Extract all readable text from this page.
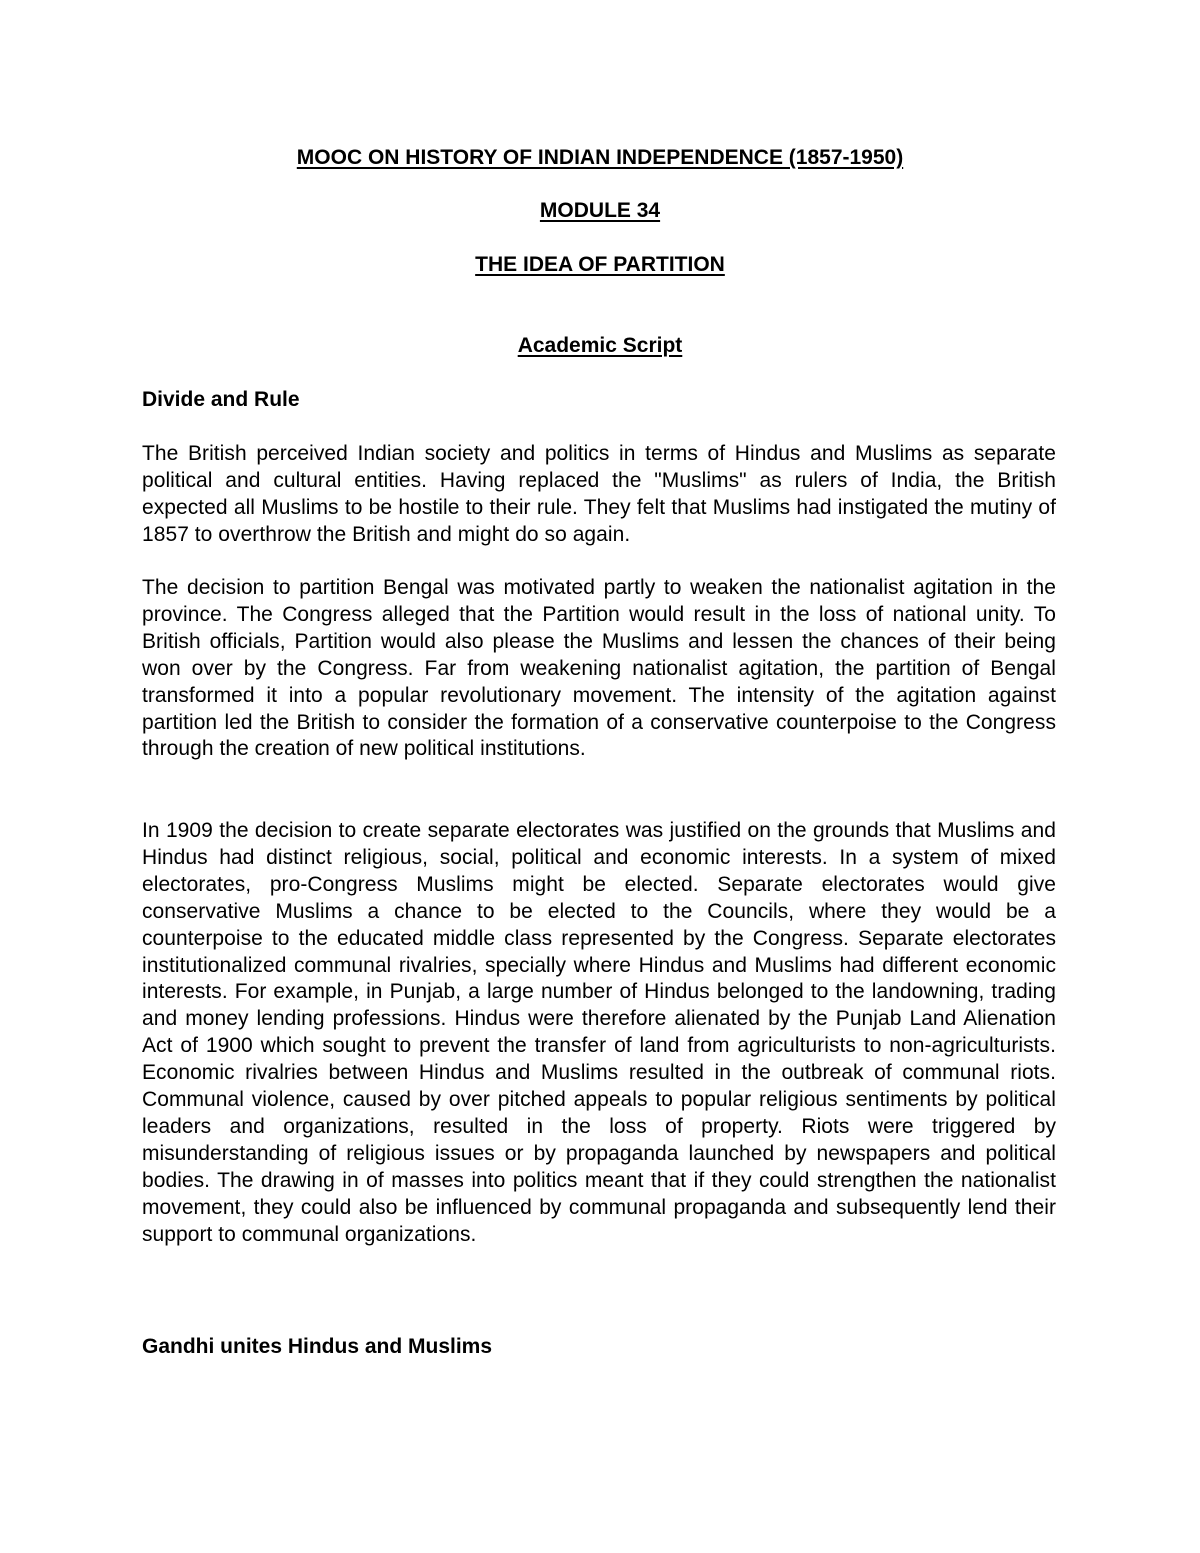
MOOC ON HISTORY OF INDIAN INDEPENDENCE (1857-1950)
MODULE 34
THE IDEA OF PARTITION
Academic Script
Divide and Rule

The British perceived Indian society and politics in terms of Hindus and Muslims as separate political and cultural entities. Having replaced the "Muslims" as rulers of India, the British expected all Muslims to be hostile to their rule. They felt that Muslims had instigated the mutiny of 1857 to overthrow the British and might do so again.

The decision to partition Bengal was motivated partly to weaken the nationalist agitation in the province. The Congress alleged that the Partition would result in the loss of national unity. To British officials, Partition would also please the Muslims and lessen the chances of their being won over by the Congress. Far from weakening nationalist agitation, the partition of Bengal transformed it into a popular revolutionary movement. The intensity of the agitation against partition led the British to consider the formation of a conservative counterpoise to the Congress through the creation of new political institutions.

In 1909 the decision to create separate electorates was justified on the grounds that Muslims and Hindus had distinct religious, social, political and economic interests. In a system of mixed electorates, pro-Congress Muslims might be elected. Separate electorates would give conservative Muslims a chance to be elected to the Councils, where they would be a counterpoise to the educated middle class represented by the Congress. Separate electorates institutionalized communal rivalries, specially where Hindus and Muslims had different economic interests. For example, in Punjab, a large number of Hindus belonged to the landowning, trading and money lending professions. Hindus were therefore alienated by the Punjab Land Alienation Act of 1900 which sought to prevent the transfer of land from agriculturists to non-agriculturists. Economic rivalries between Hindus and Muslims resulted in the outbreak of communal riots. Communal violence, caused by over pitched appeals to popular religious sentiments by political leaders and organizations, resulted in the loss of property. Riots were triggered by misunderstanding of religious issues or by propaganda launched by newspapers and political bodies. The drawing in of masses into politics meant that if they could strengthen the nationalist movement, they could also be influenced by communal propaganda and subsequently lend their support to communal organizations.

Gandhi unites Hindus and Muslims
